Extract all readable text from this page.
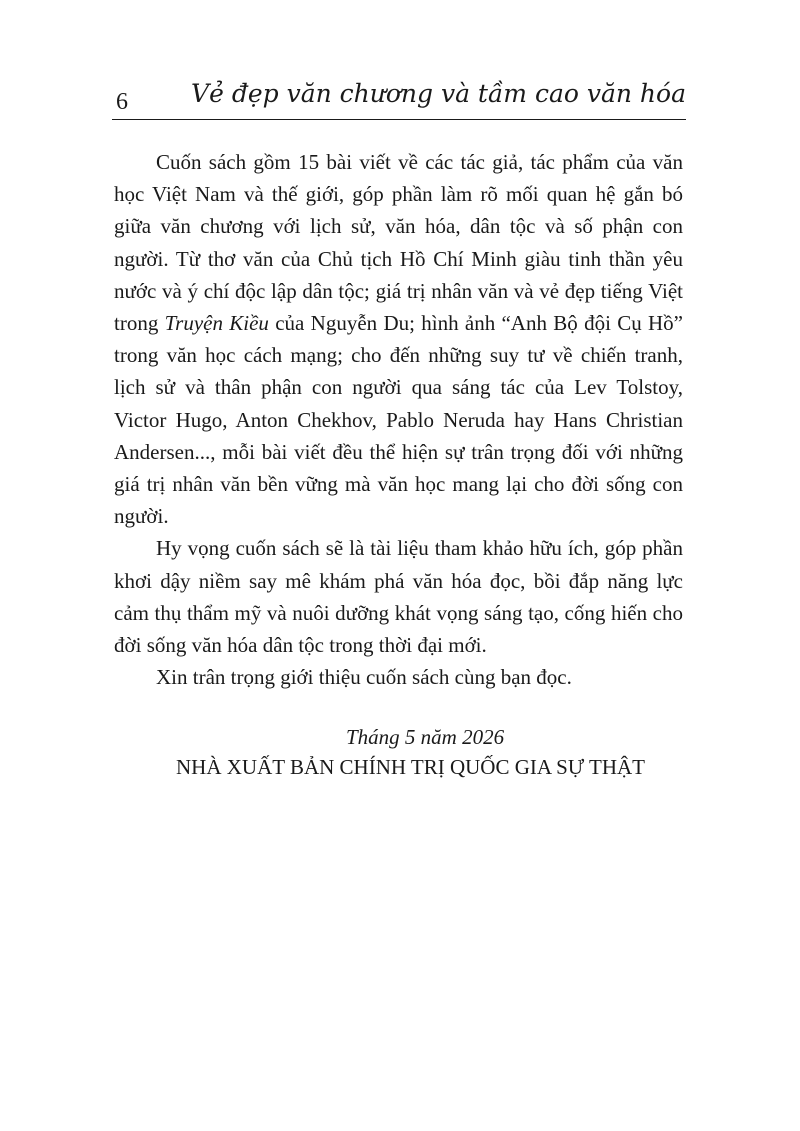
6	Vẻ đẹp văn chương và tầm cao văn hóa

Cuốn sách gồm 15 bài viết về các tác giả, tác phẩm của văn học Việt Nam và thế giới, góp phần làm rõ mối quan hệ gắn bó giữa văn chương với lịch sử, văn hóa, dân tộc và số phận con người. Từ thơ văn của Chủ tịch Hồ Chí Minh giàu tinh thần yêu nước và ý chí độc lập dân tộc; giá trị nhân văn và vẻ đẹp tiếng Việt trong Truyện Kiều của Nguyễn Du; hình ảnh “Anh Bộ đội Cụ Hồ” trong văn học cách mạng; cho đến những suy tư về chiến tranh, lịch sử và thân phận con người qua sáng tác của Lev Tolstoy, Victor Hugo, Anton Chekhov, Pablo Neruda hay Hans Christian Andersen..., mỗi bài viết đều thể hiện sự trân trọng đối với những giá trị nhân văn bền vững mà văn học mang lại cho đời sống con người.

Hy vọng cuốn sách sẽ là tài liệu tham khảo hữu ích, góp phần khơi dậy niềm say mê khám phá văn hóa đọc, bồi đắp năng lực cảm thụ thẩm mỹ và nuôi dưỡng khát vọng sáng tạo, cống hiến cho đời sống văn hóa dân tộc trong thời đại mới.

Xin trân trọng giới thiệu cuốn sách cùng bạn đọc.

Tháng 5 năm 2026
NHÀ XUẤT BẢN CHÍNH TRỊ QUỐC GIA SỰ THẬT
